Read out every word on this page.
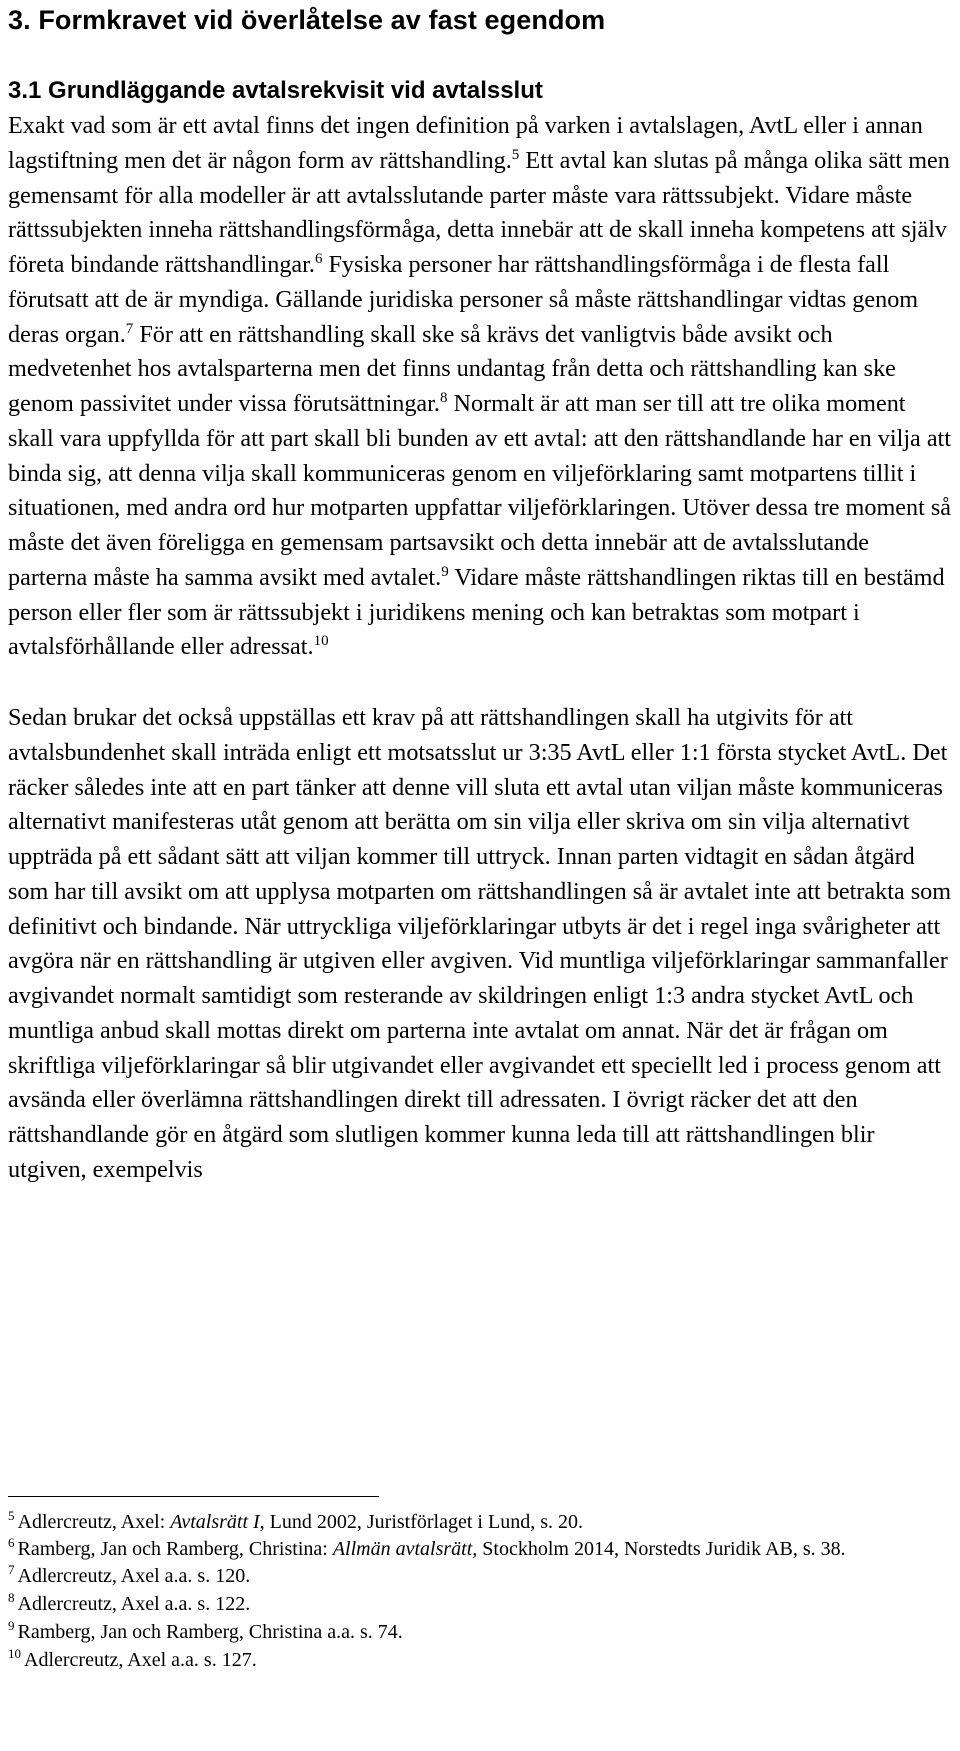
3. Formkravet vid överlåtelse av fast egendom
3.1 Grundläggande avtalsrekvisit vid avtalsslut

Exakt vad som är ett avtal finns det ingen definition på varken i avtalslagen, AvtL eller i annan lagstiftning men det är någon form av rättshandling.$^5$ Ett avtal kan slutas på många olika sätt men gemensamt för alla modeller är att avtalsslutande parter måste vara rättssubjekt. Vidare måste rättssubjekten inneha rättshandlingsförmåga, detta innebär att de skall inneha kompetens att själv företa bindande rättshandlingar.$^6$ Fysiska personer har rättshandlingsförmåga i de flesta fall förutsatt att de är myndiga. Gällande juridiska personer så måste rättshandlingar vidtas genom deras organ.$^7$ För att en rättshandling skall ske så krävs det vanligtvis både avsikt och medvetenhet hos avtalsparterna men det finns undantag från detta och rättshandling kan ske genom passivitet under vissa förutsättningar.$^8$ Normalt är att man ser till att tre olika moment skall vara uppfyllda för att part skall bli bunden av ett avtal: att den rättshandlande har en vilja att binda sig, att denna vilja skall kommuniceras genom en viljeförklaring samt motpartens tillit i situationen, med andra ord hur motparten uppfattar viljeförklaringen. Utöver dessa tre moment så måste det även föreligga en gemensam partsavsikt och detta innebär att de avtalsslutande parterna måste ha samma avsikt med avtalet.$^9$ Vidare måste rättshandlingen riktas till en bestämd person eller fler som är rättssubjekt i juridikens mening och kan betraktas som motpart i avtalsförhållande eller adressat.$^{10}$

Sedan brukar det också uppställas ett krav på att rättshandlingen skall ha utgivits för att avtalsbundenhet skall inträda enligt ett motsatsslut ur 3:35 AvtL eller 1:1 första stycket AvtL. Det räcker således inte att en part tänker att denne vill sluta ett avtal utan viljan måste kommuniceras alternativt manifesteras utåt genom att berätta om sin vilja eller skriva om sin vilja alternativt uppträda på ett sådant sätt att viljan kommer till uttryck. Innan parten vidtagit en sådan åtgärd som har till avsikt om att upplysa motparten om rättshandlingen så är avtalet inte att betrakta som definitivt och bindande. När uttryckliga viljeförklaringar utbyts är det i regel inga svårigheter att avgöra när en rättshandling är utgiven eller avgiven. Vid muntliga viljeförklaringar sammanfaller avgivandet normalt samtidigt som resterande av skildringen enligt 1:3 andra stycket AvtL och muntliga anbud skall mottas direkt om parterna inte avtalat om annat. När det är frågan om skriftliga viljeförklaringar så blir utgivandet eller avgivandet ett speciellt led i process genom att avsända eller överlämna rättshandlingen direkt till adressaten. I övrigt räcker det att den rättshandlande gör en åtgärd som slutligen kommer kunna leda till att rättshandlingen blir utgiven, exempelvis

$^5$ Adlercreutz, Axel: Avtalsrätt I, Lund 2002, Juristförlaget i Lund, s. 20.

$^6$ Ramberg, Jan och Ramberg, Christina: Allmän avtalsrätt, Stockholm 2014, Norstedts Juridik AB, s. 38.

$^7$ Adlercreutz, Axel a.a. s. 120.

$^8$ Adlercreutz, Axel a.a. s. 122.

$^9$ Ramberg, Jan och Ramberg, Christina a.a. s. 74.

$^{10}$ Adlercreutz, Axel a.a. s. 127.
